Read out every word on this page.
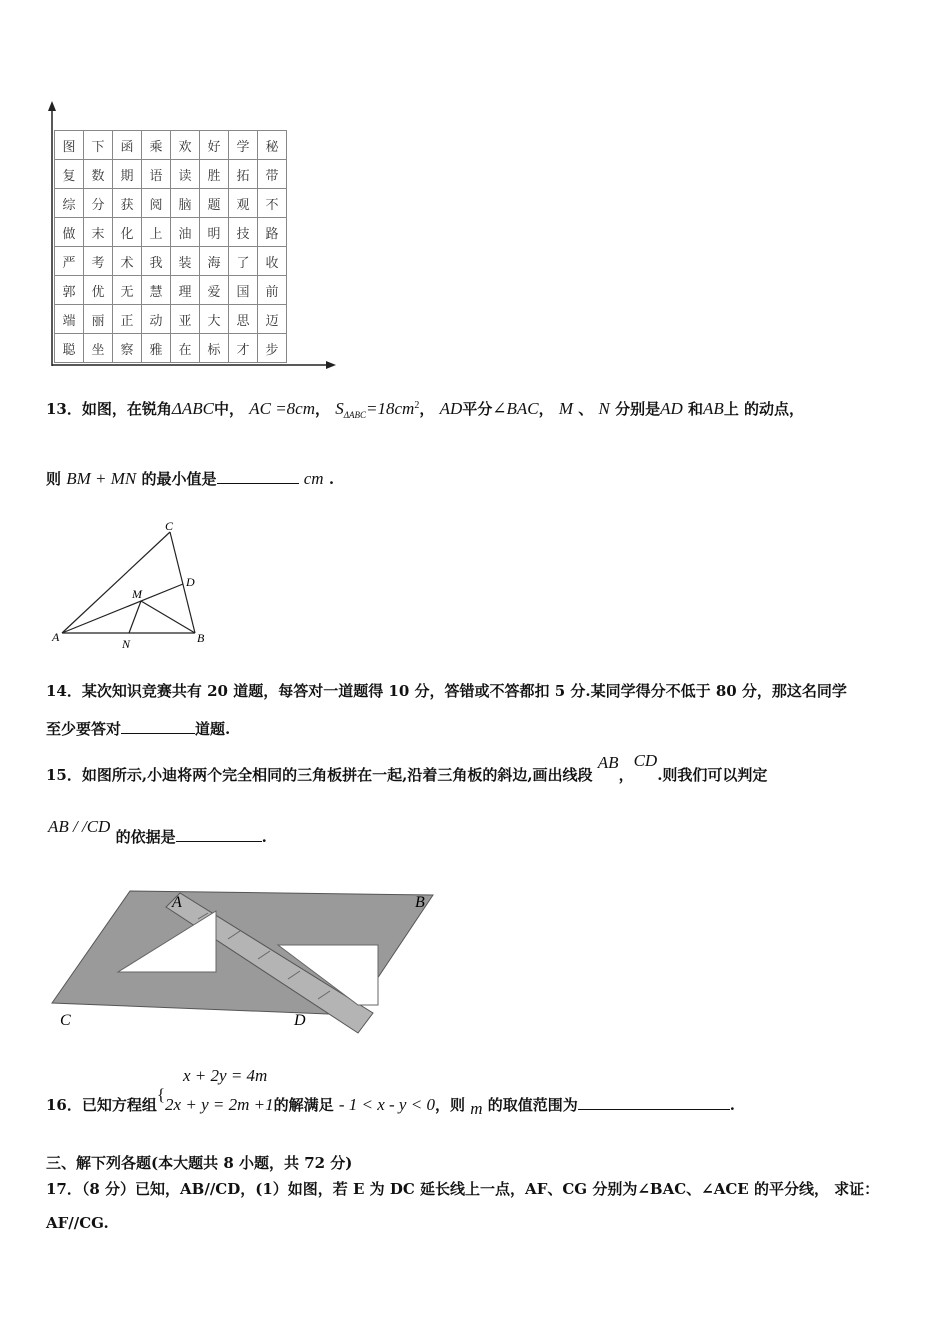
图	下	函	乘	欢	好	学	秘
复	数	期	语	读	胜	拓	带
综	分	获	阅	脑	题	观	不
做	末	化	上	油	明	技	路
严	考	术	我	装	海	了	收
郭	优	无	慧	理	爱	国	前
端	丽	正	动	亚	大	思	迈
聪	坐	察	雅	在	标	才	步
13．如图，在锐角ΔABC中， AC =8cm， $S_{\Delta ABC}=18cm^2$， AD平分∠BAC， M 、 N 分别是AD 和AB上 的动点，
则 BM + MN 的最小值是	cm .
C
D
M
A	N	B
14．某次知识竞赛共有 20 道题，每答对一道题得 10 分，答错或不答都扣 5 分.某同学得分不低于 80 分，那这名同学
至少要答对	道题.
15．如图所示,小迪将两个完全相同的三角板拼在一起,沿着三角板的斜边,画出线段 AB，CD.则我们可以判定
AB / /CD 的依据是	.
A	B
C	D
x + 2y = 4m
16．已知方程组{2x + y = 2m +1的解满足 - 1 < x - y < 0，则 m 的取值范围为	.
三、解下列各题(本大题共 8 小题，共 72 分)
17．（8 分）已知，AB//CD，(1）如图，若 E 为 DC 延长线上一点，AF、CG 分别为∠BAC、∠ACE 的平分线， 求证：
AF//CG.
